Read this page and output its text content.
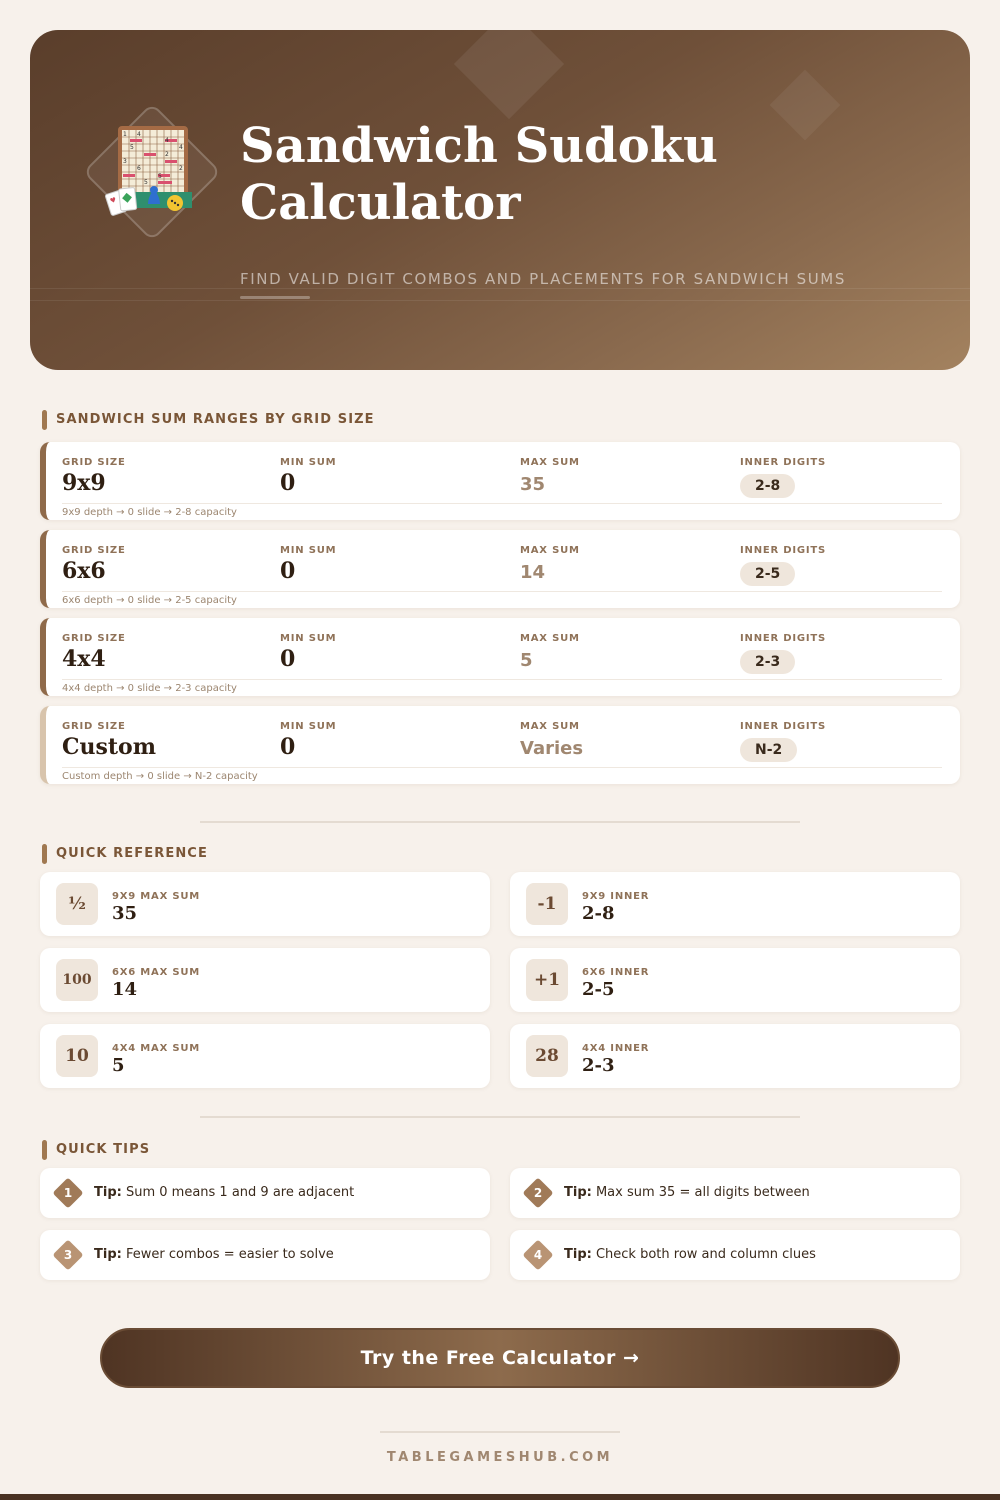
1 4
4
5	4
2
3
6	2
5
5
♥
Sandwich Sudoku Calculator
FIND VALID DIGIT COMBOS AND PLACEMENTS FOR SANDWICH SUMS
SANDWICH SUM RANGES BY GRID SIZE
GRID SIZE
9x9
MIN SUM
0
MAX SUM
35
INNER DIGITS
2-8
9x9 depth → 0 slide → 2-8 capacity
GRID SIZE
6x6
MIN SUM
0
MAX SUM
14
INNER DIGITS
2-5
6x6 depth → 0 slide → 2-5 capacity
GRID SIZE
4x4
MIN SUM
0
MAX SUM
5
INNER DIGITS
2-3
4x4 depth → 0 slide → 2-3 capacity
GRID SIZE
Custom
MIN SUM
0
MAX SUM
Varies
INNER DIGITS
N-2
Custom depth → 0 slide → N-2 capacity
QUICK REFERENCE
½	9X9 MAX SUM
35	-1	9X9 INNER
2-8
100	6X6 MAX SUM
14	+1	6X6 INNER
2-5
10	4X4 MAX SUM
5	28	4X4 INNER
2-3
QUICK TIPS
1	Tip: Sum 0 means 1 and 9 are adjacent	2	Tip: Max sum 35 = all digits between
3	Tip: Fewer combos = easier to solve	4	Tip: Check both row and column clues
Try the Free Calculator →
TABLEGAMESHUB.COM
